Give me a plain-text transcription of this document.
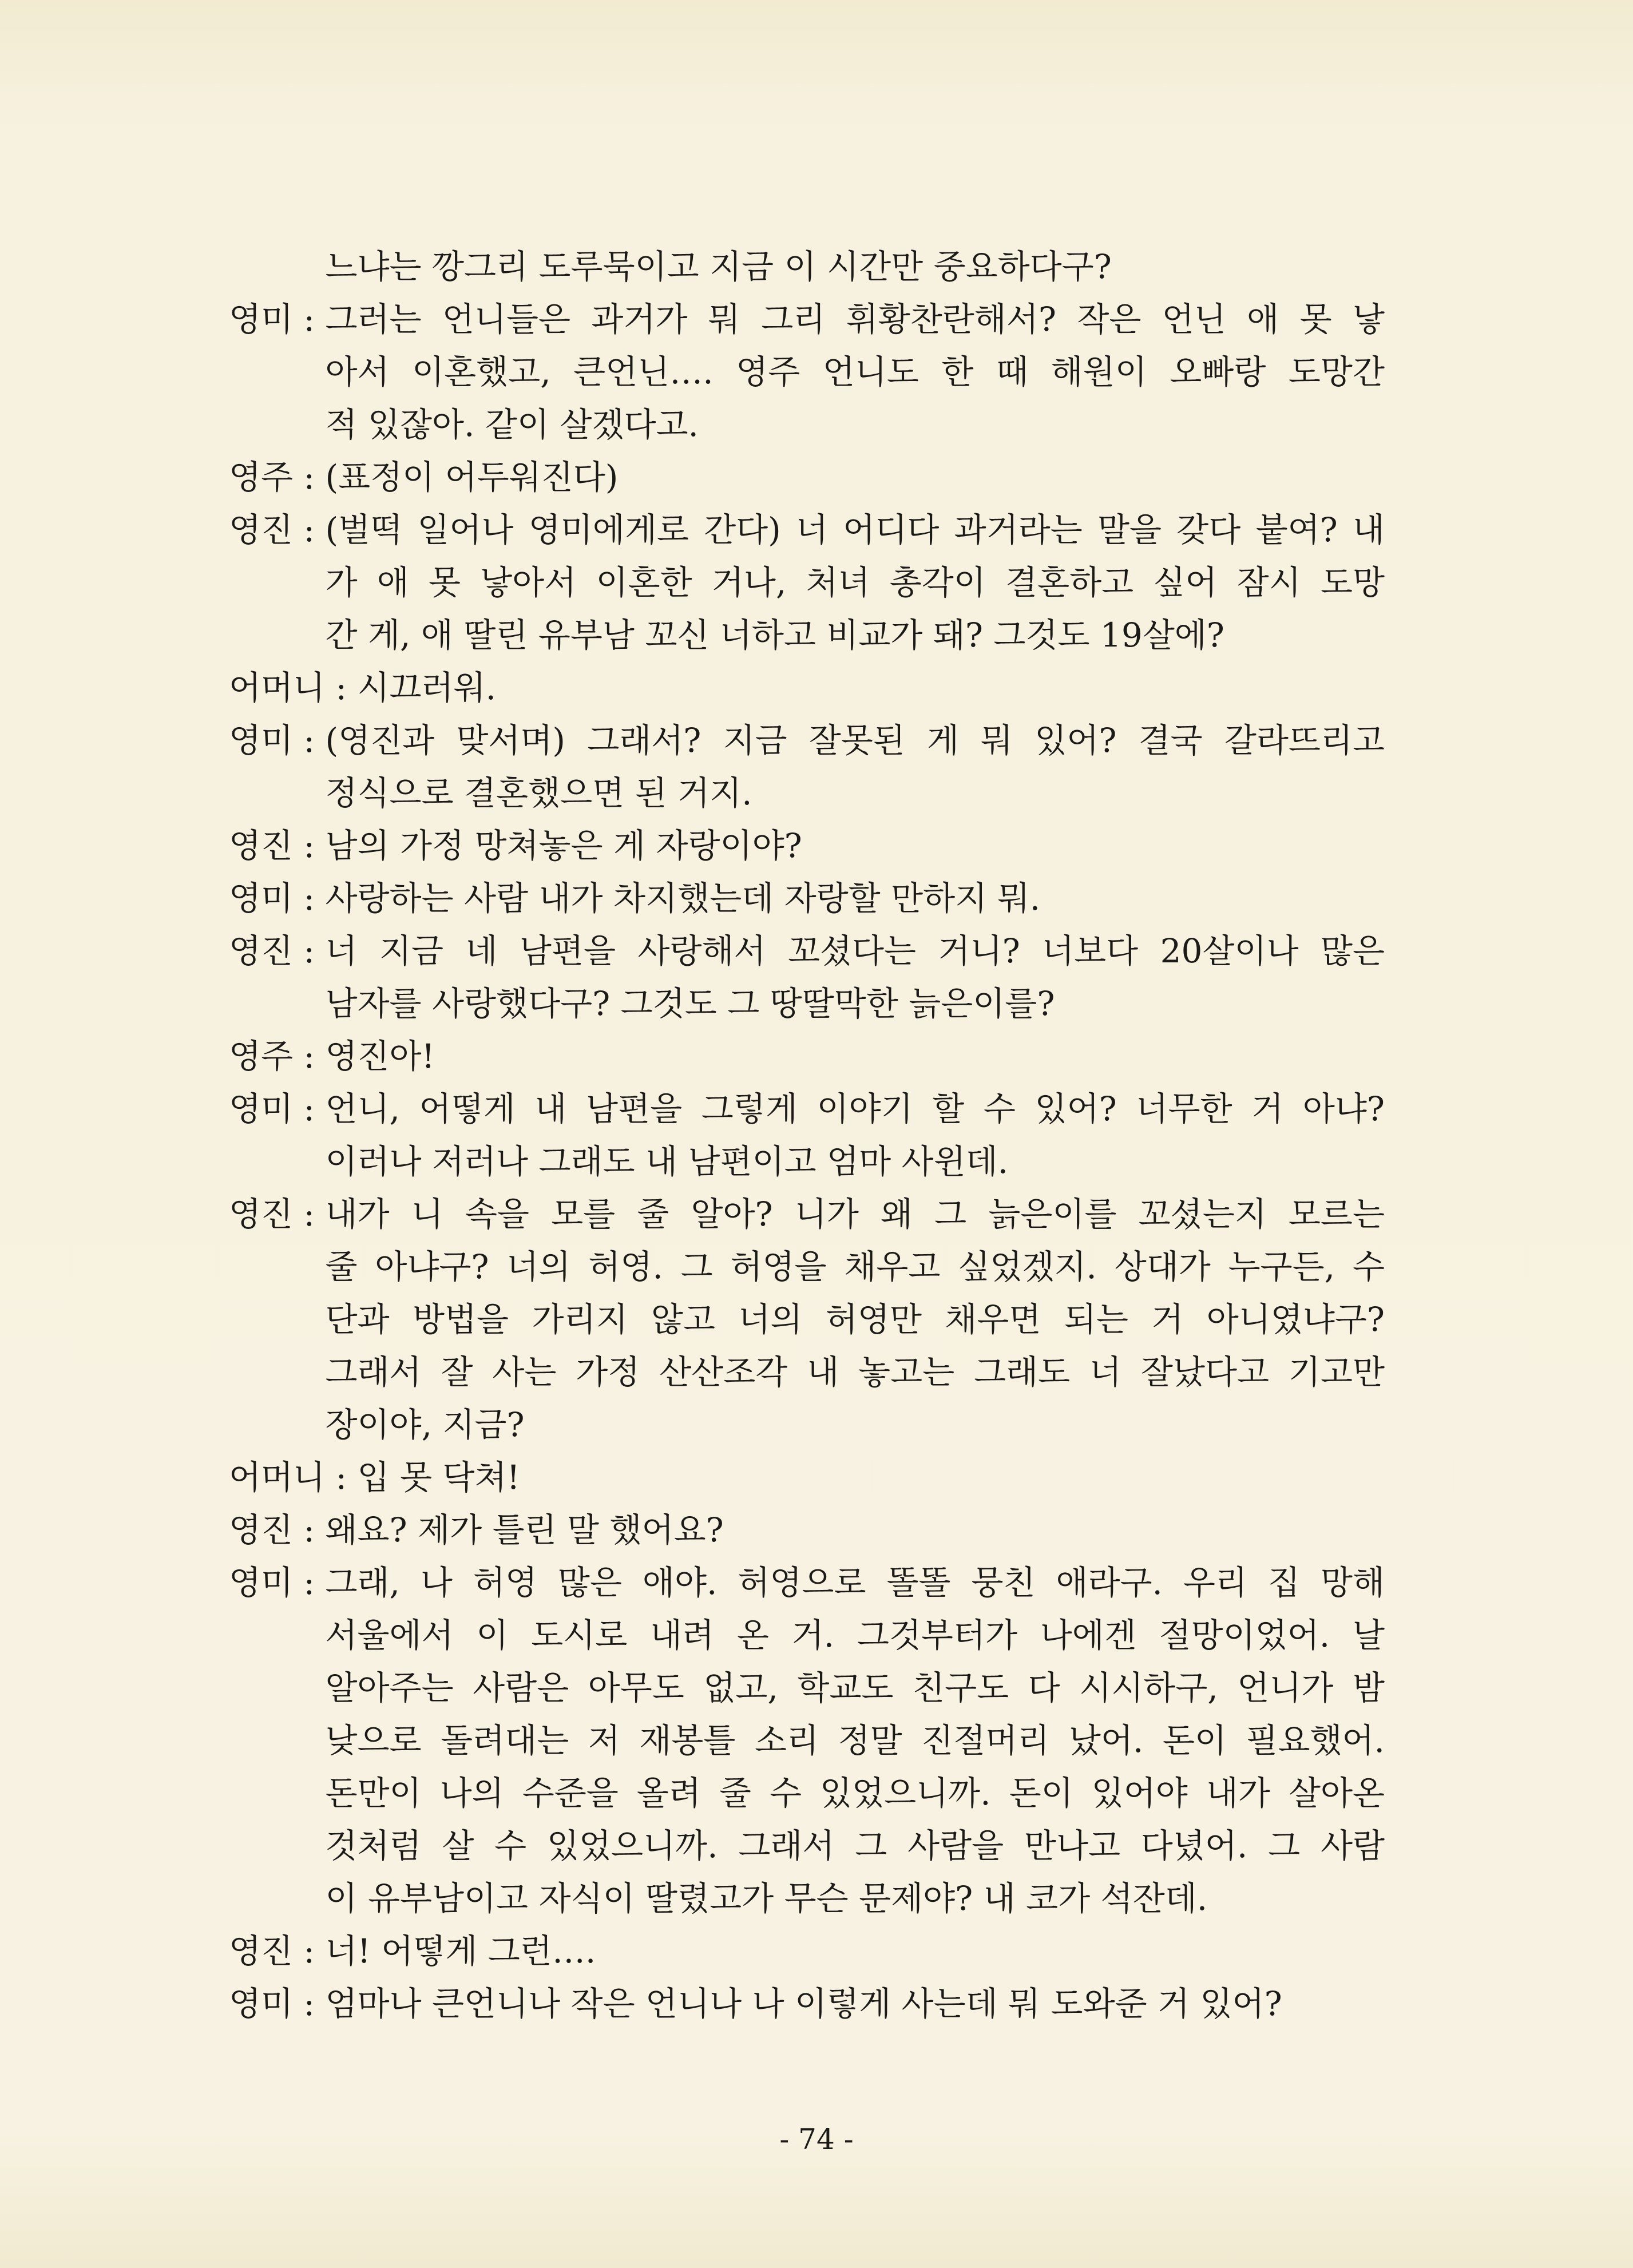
느냐는 깡그리 도루묵이고 지금 이 시간만 중요하다구?
영미 : 그러는 언니들은 과거가 뭐 그리 휘황찬란해서? 작은 언닌 애 못 낳
아서 이혼했고, 큰언닌…. 영주 언니도 한 때 해원이 오빠랑 도망간
적 있잖아. 같이 살겠다고.
영주 : (표정이 어두워진다)
영진 : (벌떡 일어나 영미에게로 간다) 너 어디다 과거라는 말을 갖다 붙여? 내
가 애 못 낳아서 이혼한 거나, 처녀 총각이 결혼하고 싶어 잠시 도망
간 게, 애 딸린 유부남 꼬신 너하고 비교가 돼? 그것도 19살에?
어머니 : 시끄러워.
영미 : (영진과 맞서며) 그래서? 지금 잘못된 게 뭐 있어? 결국 갈라뜨리고
정식으로 결혼했으면 된 거지.
영진 : 남의 가정 망쳐놓은 게 자랑이야?
영미 : 사랑하는 사람 내가 차지했는데 자랑할 만하지 뭐.
영진 : 너 지금 네 남편을 사랑해서 꼬셨다는 거니? 너보다 20살이나 많은
남자를 사랑했다구? 그것도 그 땅딸막한 늙은이를?
영주 : 영진아!
영미 : 언니, 어떻게 내 남편을 그렇게 이야기 할 수 있어? 너무한 거 아냐?
이러나 저러나 그래도 내 남편이고 엄마 사윈데.
영진 : 내가 니 속을 모를 줄 알아? 니가 왜 그 늙은이를 꼬셨는지 모르는
줄 아냐구? 너의 허영. 그 허영을 채우고 싶었겠지. 상대가 누구든, 수
단과 방법을 가리지 않고 너의 허영만 채우면 되는 거 아니였냐구?
그래서 잘 사는 가정 산산조각 내 놓고는 그래도 너 잘났다고 기고만
장이야, 지금?
어머니 : 입 못 닥쳐!
영진 : 왜요? 제가 틀린 말 했어요?
영미 : 그래, 나 허영 많은 애야. 허영으로 똘똘 뭉친 애라구. 우리 집 망해
서울에서 이 도시로 내려 온 거. 그것부터가 나에겐 절망이었어. 날
알아주는 사람은 아무도 없고, 학교도 친구도 다 시시하구, 언니가 밤
낮으로 돌려대는 저 재봉틀 소리 정말 진절머리 났어. 돈이 필요했어.
돈만이 나의 수준을 올려 줄 수 있었으니까. 돈이 있어야 내가 살아온
것처럼 살 수 있었으니까. 그래서 그 사람을 만나고 다녔어. 그 사람
이 유부남이고 자식이 딸렸고가 무슨 문제야? 내 코가 석잔데.
영진 : 너! 어떻게 그런….
영미 : 엄마나 큰언니나 작은 언니나 나 이렇게 사는데 뭐 도와준 거 있어?
- 74 -
